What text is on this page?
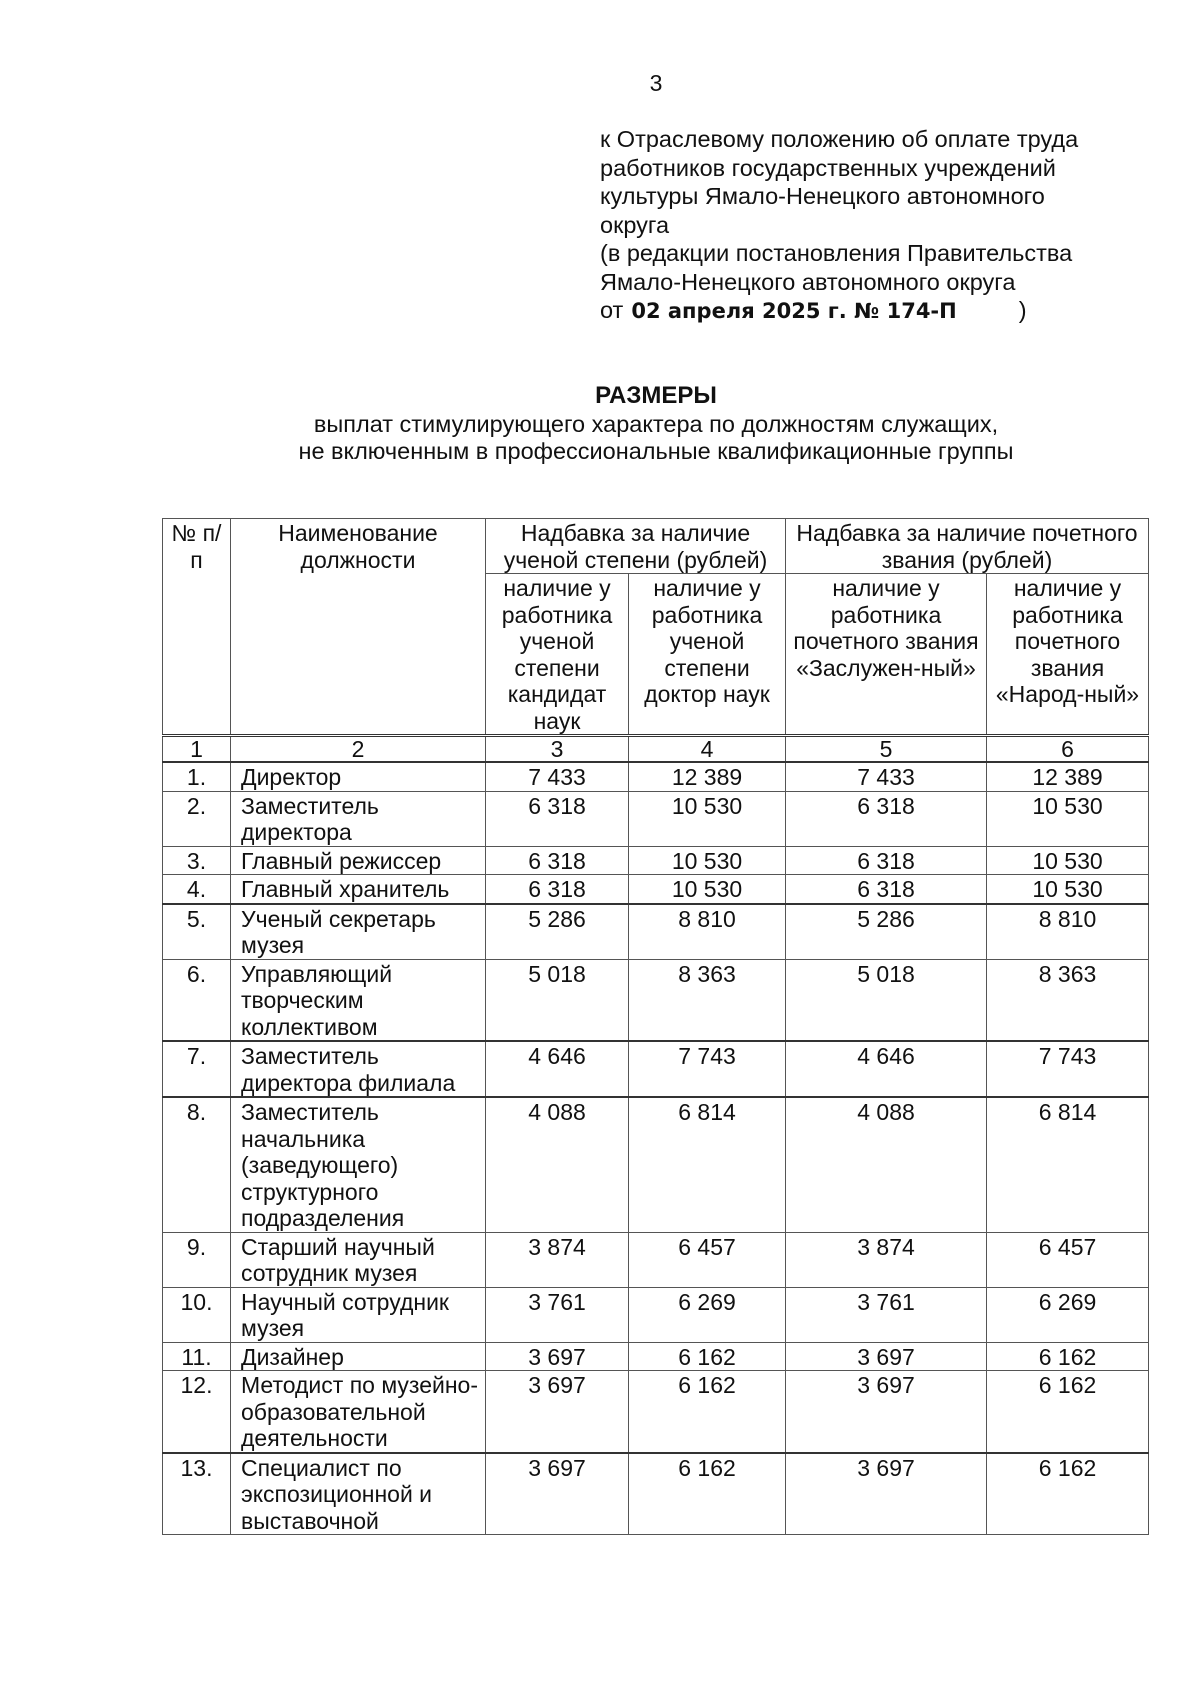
3
к Отраслевому положению об оплате труда
работников государственных учреждений
культуры Ямало-Ненецкого автономного
округа
(в редакции постановления Правительства
Ямало-Ненецкого автономного округа
от 02 апреля 2025 г. № 174-П	)
РАЗМЕРЫ
выплат стимулирующего характера по должностям служащих,
не включенным в профессиональные квалификационные группы
№ п/п	Наименование должности	Надбавка за наличие ученой степени (рублей)		Надбавка за наличие почетного звания (рублей)	
		наличие у работника ученой степени кандидат наук	наличие у работника ученой степени доктор наук	наличие у работника почетного звания «Заслужен-ный»	наличие у работника почетного звания «Народ-ный»
1	2	3	4	5	6
1.	Директор	7 433	12 389	7 433	12 389
2.	Заместитель директора	6 318	10 530	6 318	10 530
3.	Главный режиссер	6 318	10 530	6 318	10 530
4.	Главный хранитель	6 318	10 530	6 318	10 530
5.	Ученый секретарь музея	5 286	8 810	5 286	8 810
6.	Управляющий творческим коллективом	5 018	8 363	5 018	8 363
7.	Заместитель директора филиала	4 646	7 743	4 646	7 743
8.	Заместитель начальника (заведующего) структурного подразделения	4 088	6 814	4 088	6 814
9.	Старший научный сотрудник музея	3 874	6 457	3 874	6 457
10.	Научный сотрудник музея	3 761	6 269	3 761	6 269
11.	Дизайнер	3 697	6 162	3 697	6 162
12.	Методист по музейно-образовательной деятельности	3 697	6 162	3 697	6 162
13.	Специалист по экспозиционной и выставочной	3 697	6 162	3 697	6 162
